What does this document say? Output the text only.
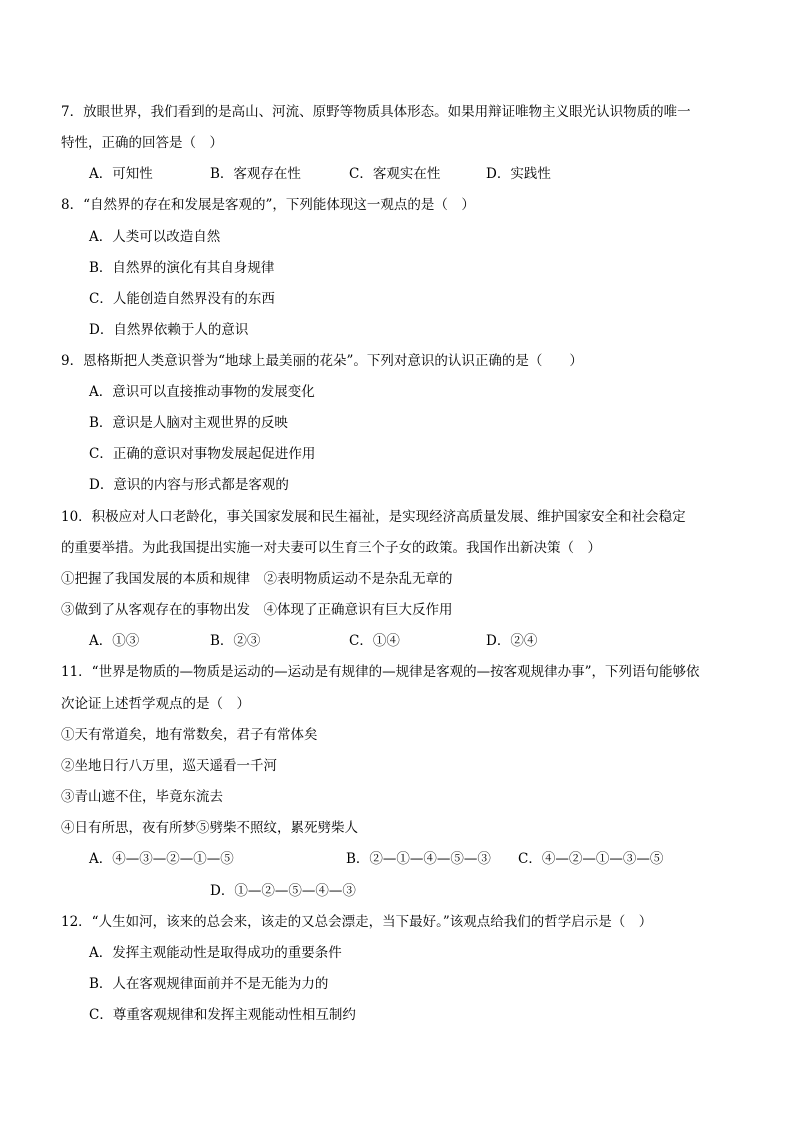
7．放眼世界，我们看到的是高山、河流、原野等物质具体形态。如果用辩证唯物主义眼光认识物质的唯一
特性，正确的回答是（　）
A．可知性	B．客观存在性	C．客观实在性	D．实践性
8．“自然界的存在和发展是客观的”，下列能体现这一观点的是（　）
A．人类可以改造自然
B．自然界的演化有其自身规律
C．人能创造自然界没有的东西
D．自然界依赖于人的意识
9．恩格斯把人类意识誉为“地球上最美丽的花朵”。下列对意识的认识正确的是（　　）
A．意识可以直接推动事物的发展变化
B．意识是人脑对主观世界的反映
C．正确的意识对事物发展起促进作用
D．意识的内容与形式都是客观的
10．积极应对人口老龄化，事关国家发展和民生福祉，是实现经济高质量发展、维护国家安全和社会稳定
的重要举措。为此我国提出实施一对夫妻可以生育三个子女的政策。我国作出新决策（　）
①把握了我国发展的本质和规律　②表明物质运动不是杂乱无章的
③做到了从客观存在的事物出发　④体现了正确意识有巨大反作用
A．①③	B．②③	C．①④	D．②④
11．“世界是物质的—物质是运动的—运动是有规律的—规律是客观的—按客观规律办事”，下列语句能够依
次论证上述哲学观点的是（　）
①天有常道矣，地有常数矣，君子有常体矣
②坐地日行八万里，巡天遥看一千河
③青山遮不住，毕竟东流去
④日有所思，夜有所梦⑤劈柴不照纹，累死劈柴人
A．④—③—②—①—⑤	B．②—①—④—⑤—③ C．④—②—①—③—⑤
D．①—②—⑤—④—③
12．“人生如河，该来的总会来，该走的又总会漂走，当下最好。”该观点给我们的哲学启示是（　）
A．发挥主观能动性是取得成功的重要条件
B．人在客观规律面前并不是无能为力的
C．尊重客观规律和发挥主观能动性相互制约
